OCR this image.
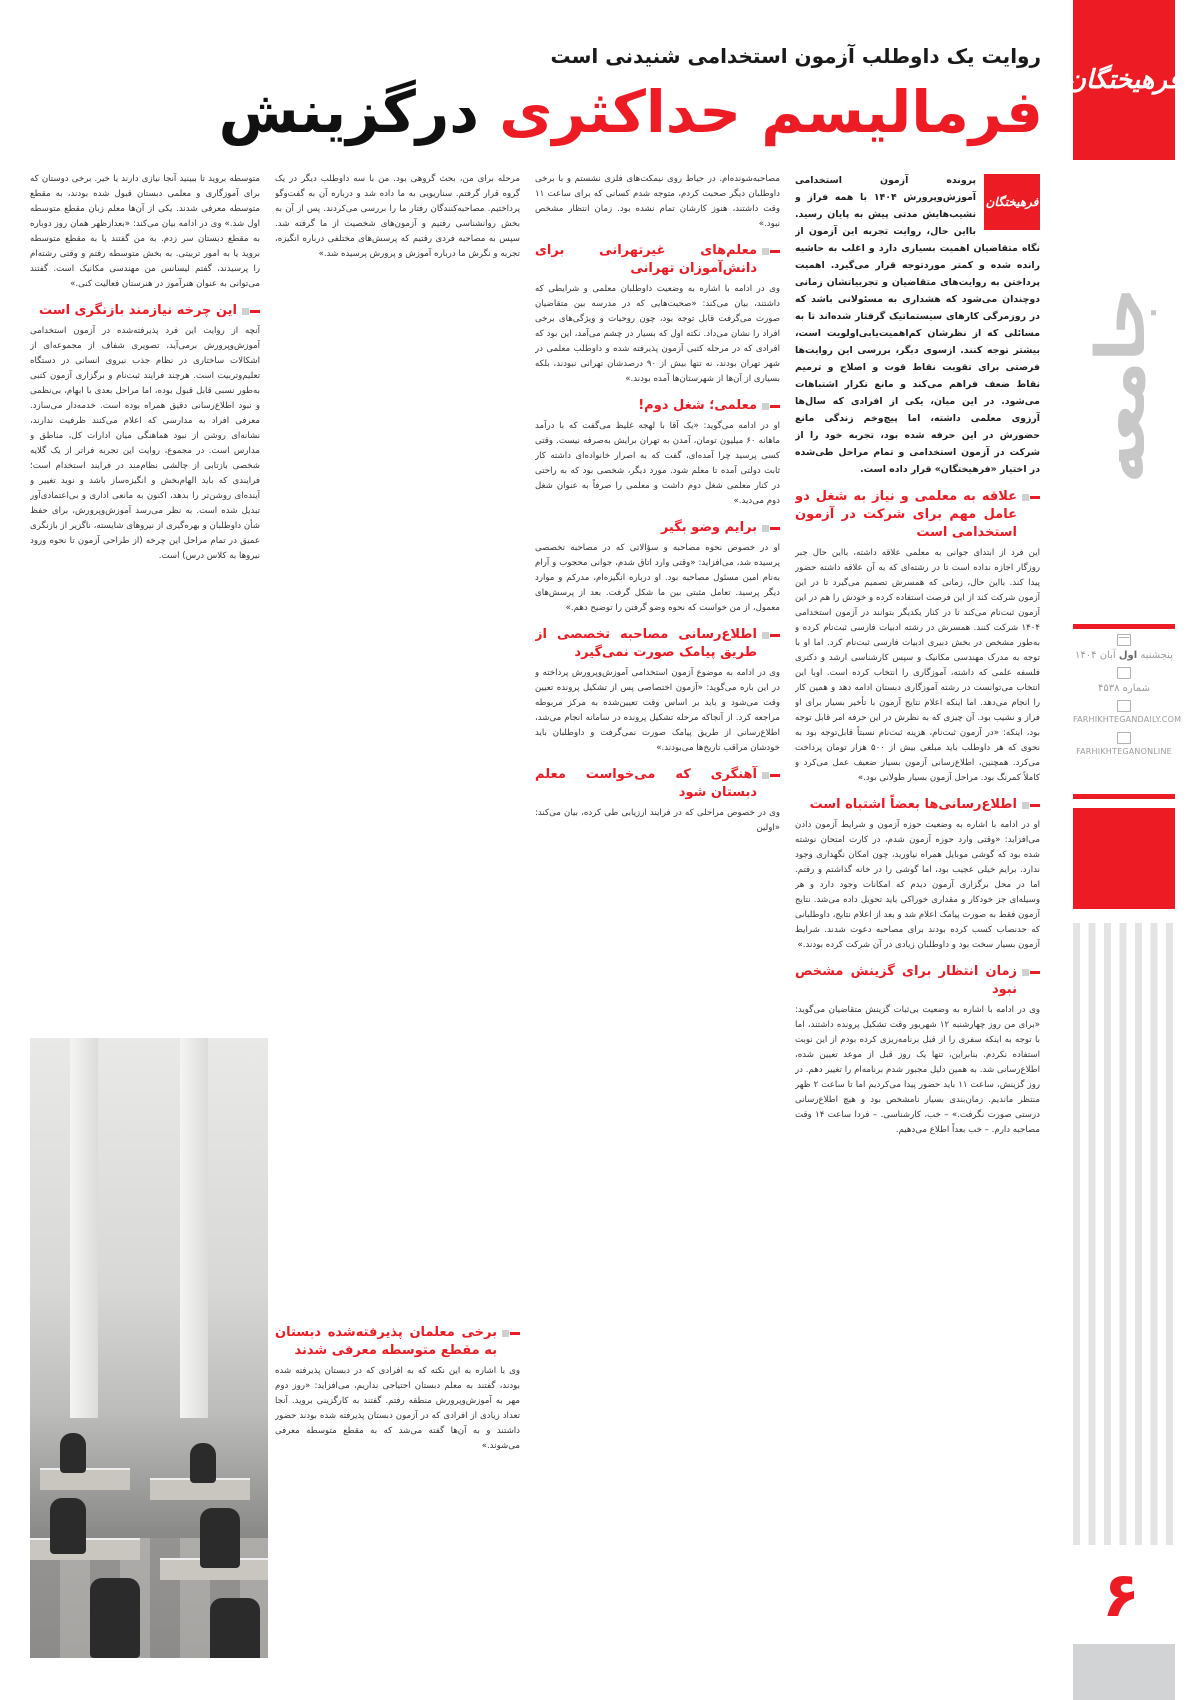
فرهیختگان
جامعه
پنجشنبه اول آبان ۱۴۰۴
شماره ۴۵۳۸
FARHIKHTEGANDAILY.COM
FARHIKHTEGANONLINE
۶
روایت یک داوطلب آزمون استخدامی شنیدنی است
فرمالیسم حداکثری درگزینش

فرهیختگان
پرونده آزمون استخدامی آموزش‌وپرورش ۱۴۰۴ با همه فراز و نشیب‌هایش مدتی پیش به پایان رسید. بااین حال، روایت تجربه این آزمون از نگاه متقاضیان اهمیت بسیاری دارد و اغلب به حاشیه رانده شده و کمتر موردتوجه قرار می‌گیرد. اهمیت پرداختن به روایت‌های متقاضیان و تجربیاتشان زمانی دوچندان می‌شود که هشداری به مسئولانی باشد که در روزمرگی کارهای سیستماتیک گرفتار شده‌اند تا به مسائلی که از نظرشان کم‌اهمیت‌یا‌بی‌اولویت است، بیشتر توجه کنند. ازسوی دیگر، بررسی این روایت‌ها فرصتی برای تقویت نقاط قوت و اصلاح و ترمیم نقاط ضعف فراهم می‌کند و مانع تکرار اشتباهات می‌شود. در این میان، یکی از افرادی که سال‌ها آرزوی معلمی داشته، اما پیچ‌وخم زندگی مانع حضورش در این حرفه شده بود، تجربه خود را از شرکت در آزمون استخدامی و تمام مراحل طی‌شده در اختیار «فرهیختگان» قرار داده است.

علاقه به معلمی و نیاز به شغل دو عامل مهم برای شرکت در آزمون استخدامی است

این فرد از ابتدای جوانی به معلمی علاقه داشته، بااین حال جبر روزگار اجازه نداده است تا در رشته‌ای که به آن علاقه داشته حضور پیدا کند. بااین حال، زمانی که همسرش تصمیم می‌گیرد تا در این آزمون شرکت کند از این فرصت استفاده کرده و خودش را هم در این آزمون ثبت‌نام می‌کند تا در کنار یکدیگر بتوانند در آزمون استخدامی ۱۴۰۴ شرکت کنند. همسرش در رشته ادبیات فارسی ثبت‌نام کرده و به‌طور مشخص در بخش دبیری ادبیات فارسی ثبت‌نام کرد. اما او با توجه به مدرک مهندسی مکانیک و سپس کارشناسی ارشد و دکتری فلسفه علمی که داشته، آموزگاری را انتخاب کرده است. اوبا این انتخاب می‌توانست در رشته آموزگاری دبستان ادامه دهد و همین کار را انجام می‌دهد. اما اینکه اعلام نتایج آزمون با تأخیر بسیار برای او فراز و نشیب بود. آن چیزی که به نظرش در این حرفه امر قابل توجه بود، اینکه: «در آزمون ثبت‌نام، هزینه ثبت‌نام نسبتاً قابل‌توجه بود به نحوی که هر داوطلب باید مبلغی بیش از ۵۰۰ هزار تومان پرداخت می‌کرد. همچنین، اطلاع‌رسانی آزمون بسیار ضعیف عمل می‌کرد و کاملاً کمرنگ بود. مراحل آزمون بسیار طولانی بود.»

اطلاع‌رسانی‌ها بعضاً اشتباه است

او در ادامه با اشاره به وضعیت حوزه آزمون و شرایط آزمون دادن می‌افزاید: «وقتی وارد حوزه آزمون شدم، در کارت امتحان نوشته شده بود که گوشی موبایل همراه نیاورید، چون امکان نگهداری وجود ندارد. برایم خیلی عجیب بود، اما گوشی را در خانه گذاشتم و رفتم. اما در محل برگزاری آزمون دیدم که امکانات وجود دارد و هر وسیله‌ای جز خودکار و مقداری خوراکی باید تحویل داده می‌شد. نتایج آزمون فقط به صورت پیامک اعلام شد و بعد از اعلام نتایج، داوطلبانی که حدنصاب کسب کرده بودند برای مصاحبه دعوت شدند. شرایط آزمون بسیار سخت بود و داوطلبان زیادی در آن شرکت کرده بودند.»

زمان انتظار برای گزینش مشخص نبود

وی در ادامه با اشاره به وضعیت بی‌ثبات گزینش متقاضیان می‌گوید: «برای من روز چهارشنبه ۱۲ شهریور وقت تشکیل پرونده داشتند، اما با توجه به اینکه سفری را از قبل برنامه‌ریزی کرده بودم از این نوبت استفاده نکردم. بنابراین، تنها یک روز قبل از موعد تعیین شده، اطلاع‌رسانی شد. به همین دلیل مجبور شدم برنامه‌ام را تغییر دهم. در روز گزینش، ساعت ۱۱ باید حضور پیدا می‌کردیم اما تا ساعت ۲ ظهر منتظر ماندیم. زمان‌بندی بسیار نامشخص بود و هیچ اطلاع‌رسانی درستی صورت نگرفت.» – خب، کارشناسی. – فردا ساعت ۱۴ وقت مصاحبه دارم. – خب بعداً اطلاع می‌دهیم.

مصاحبه‌شونده‌ام. در حیاط روی نیمکت‌های فلزی نشستم و با برخی داوطلبان دیگر صحبت کردم، متوجه شدم کسانی که برای ساعت ۱۱ وقت داشتند، هنوز کارشان تمام نشده بود. زمان انتظار مشخص نبود.»

معلم‌های غیرتهرانی برای دانش‌آموزان تهرانی

وی در ادامه با اشاره به وضعیت داوطلبان معلمی و شرایطی که داشتند، بیان می‌کند: «صحبت‌هایی که در مدرسه بین متقاضیان صورت می‌گرفت قابل توجه بود، چون روحیات و ویژگی‌های برخی افراد را نشان می‌داد. نکته اول که بسیار در چشم می‌آمد، این بود که افرادی که در مرحله کتبی آزمون پذیرفته شده و داوطلب معلمی در شهر تهران بودند، نه تنها بیش از ۹۰ درصدشان تهرانی نبودند، بلکه بسیاری از آن‌ها از شهرستان‌ها آمده بودند.»

معلمی؛ شغل دوم!

او در ادامه می‌گوید: «یک آقا با لهجه غلیظ می‌گفت که با درآمد ماهانه ۶۰ میلیون تومان، آمدن به تهران برایش به‌صرفه نیست. وقتی کسی پرسید چرا آمده‌ای، گفت که به اصرار خانواده‌ای داشته کار ثابت دولتی آمده تا معلم شود. مورد دیگر، شخصی بود که به راحتی در کنار معلمی شغل دوم داشت و معلمی را صرفاً به عنوان شغل دوم می‌دید.»

برایم وضو بگیر

او در خصوص نحوه مصاحبه و سؤالاتی که در مصاحبه تخصصی پرسیده شد، می‌افزاید: «وقتی وارد اتاق شدم، جوانی محجوب و آرام به‌نام امین مسئول مصاحبه بود. او درباره انگیزه‌ام، مدرکم و موارد دیگر پرسید. تعامل مثبتی بین ما شکل گرفت. بعد از پرسش‌های معمول، از من خواست که نحوه وضو گرفتن را توضیح دهم.»

اطلاع‌رسانی مصاحبه تخصصی از طریق پیامک صورت نمی‌گیرد

وی در ادامه به موضوع آزمون استخدامی آموزش‌وپرورش پرداخته و در این باره می‌گوید: «آزمون اختصاصی پس از تشکیل پرونده تعیین وقت می‌شود و باید بر اساس وقت تعیین‌شده به مرکز مربوطه مراجعه کرد. از آنجاکه مرحله تشکیل پرونده در سامانه انجام می‌شد، اطلاع‌رسانی از طریق پیامک صورت نمی‌گرفت و داوطلبان باید خودشان مراقب تاریخ‌ها می‌بودند.»

آهنگری که می‌خواست معلم دبستان شود

وی در خصوص مراحلی که در فرایند ارزیابی طی کرده، بیان می‌کند: «اولین

مرحله برای من، بحث گروهی بود. من با سه داوطلب دیگر در یک گروه قرار گرفتم. سناریویی به ما داده شد و درباره آن به گفت‌وگو پرداختیم. مصاحبه‌کنندگان رفتار ما را بررسی می‌کردند. پس از آن به بخش روانشناسی رفتیم و آزمون‌های شخصیت از ما گرفته شد. سپس به مصاحبه فردی رفتیم که پرسش‌های مختلفی درباره انگیزه، تجربه و نگرش ما درباره آموزش و پرورش پرسیده شد.»

برخی معلمان پذیرفته‌شده دبستان به مقطع متوسطه معرفی شدند

وی با اشاره به این نکته که به افرادی که در دبستان پذیرفته شده بودند، گفتند به معلم دبستان احتیاجی نداریم، می‌افزاید: «روز دوم مهر به آموزش‌وپرورش منطقه رفتم. گفتند به کارگزینی بروید. آنجا تعداد زیادی از افرادی که در آزمون دبستان پذیرفته شده بودند حضور داشتند و به آن‌ها گفته می‌شد که به مقطع متوسطه معرفی می‌شوند.»

متوسطه بروید تا ببینید آنجا نیازی دارند یا خیر. برخی دوستان که برای آموزگاری و معلمی دبستان قبول شده بودند، به مقطع متوسطه معرفی شدند. یکی از آن‌ها معلم زبان مقطع متوسطه اول شد.» وی در ادامه بیان می‌کند: «بعدازظهر همان روز دوباره به مقطع دبستان سر زدم. به من گفتند یا به مقطع متوسطه بروید یا به امور تربیتی. به بخش متوسطه رفتم و وقتی رشته‌ام را پرسیدند، گفتم لیسانس من مهندسی مکانیک است. گفتند می‌توانی به عنوان هنرآموز در هنرستان فعالیت کنی.»

این چرخه نیازمند بازنگری است

آنچه از روایت این فرد پذیرفته‌شده در آزمون استخدامی آموزش‌وپرورش برمی‌آید، تصویری شفاف از مجموعه‌ای از اشکالات ساختاری در نظام جذب نیروی انسانی در دستگاه تعلیم‌وتربیت است. هرچند فرایند ثبت‌نام و برگزاری آزمون کتبی به‌طور نسبی قابل قبول بوده، اما مراحل بعدی با ابهام، بی‌نظمی و نبود اطلاع‌رسانی دقیق همراه بوده است. خدمه‌دار می‌سازد. معرفی افراد به مدارسی که اعلام می‌کنند ظرفیت ندارند، نشانه‌ای روشن از نبود هماهنگی میان ادارات کل، مناطق و مدارس است. در مجموع، روایت این تجربه فراتر از یک گلایه شخصی بازتابی از چالشی نظام‌مند در فرایند استخدام است؛ فرایندی که باید الهام‌بخش و انگیزه‌ساز باشد و نوید تغییر و آینده‌ای روشن‌تر را بدهد، اکنون به مانعی اداری و بی‌اعتمادی‌آور تبدیل شده است. به نظر می‌رسد آموزش‌وپرورش، برای حفظ شأن داوطلبان و بهره‌گیری از نیروهای شایسته، ناگزیر از بازنگری عمیق در تمام مراحل این چرخه (از طراحی آزمون تا نحوه ورود نیروها به کلاس درس) است.
